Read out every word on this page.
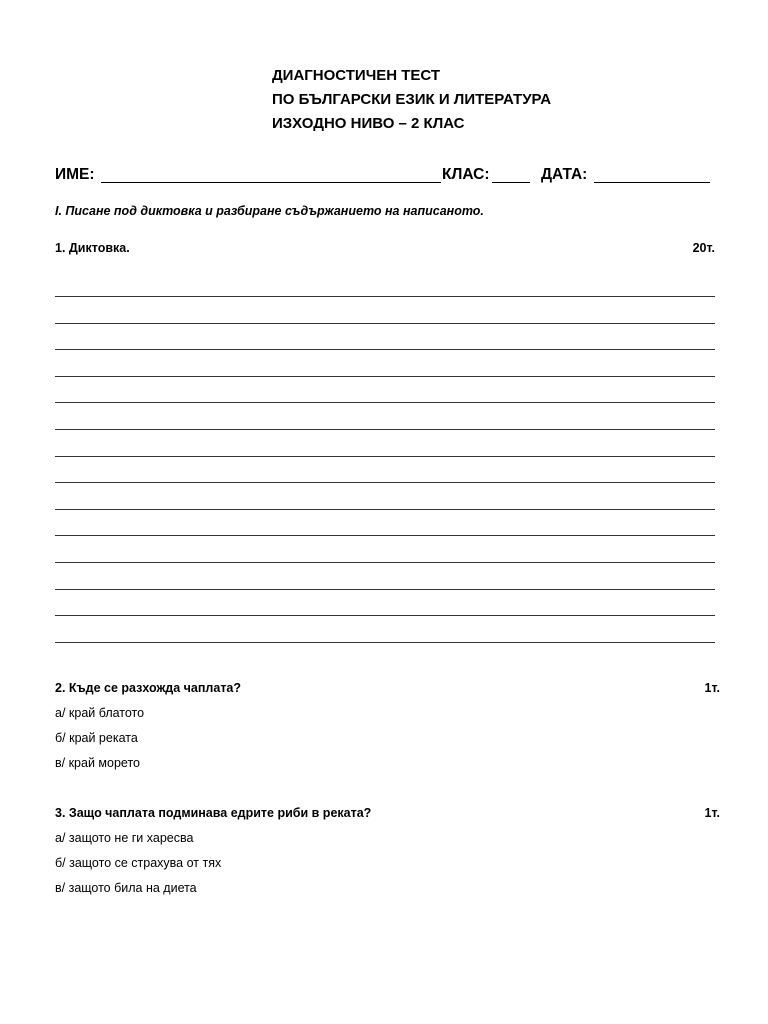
ДИАГНОСТИЧЕН ТЕСТ
ПО БЪЛГАРСКИ ЕЗИК И ЛИТЕРАТУРА
ИЗХОДНО НИВО – 2 КЛАС
ИМЕ:	КЛАС:	ДАТА:
I. Писане под диктовка и разбиране съдържанието на написаното.
1. Диктовка.	20т.
2. Къде се разхожда чаплата?	1т.
а/ край блатото
б/ край реката
в/ край морето
3. Защо чаплата подминава едрите риби в реката?	1т.
а/ защото не ги харесва
б/ защото се страхува от тях
в/ защото била на диета
